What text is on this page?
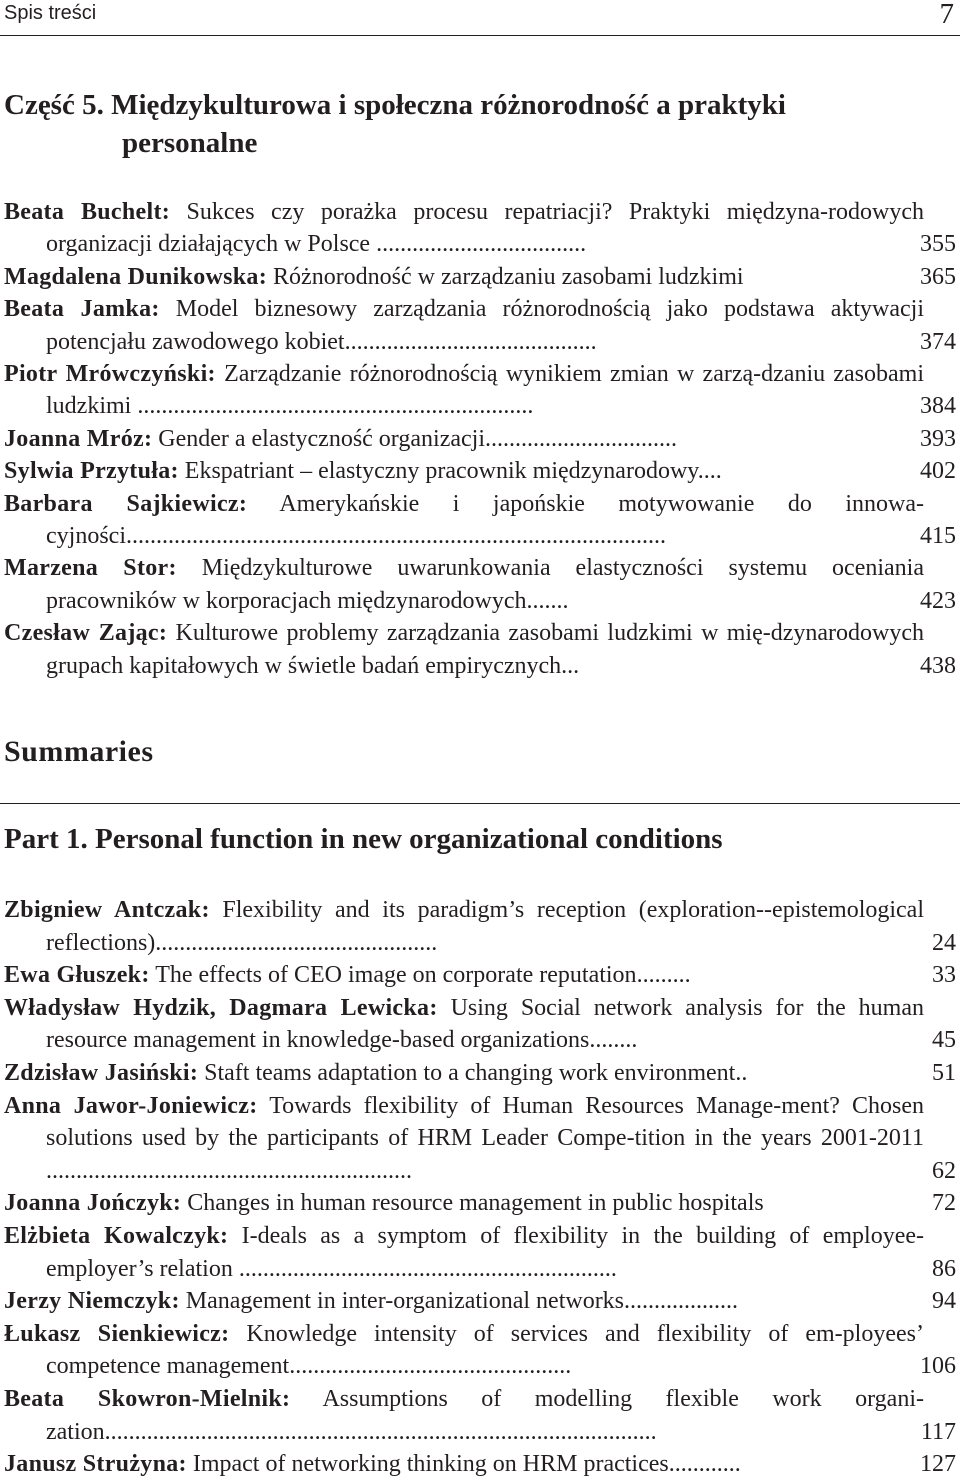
Spis treści	7
Część 5. Międzykulturowa i społeczna różnorodność a praktyki
personalne
Beata Buchelt: Sukces czy porażka procesu repatriacji? Praktyki międzyna-rodowych organizacji działających w Polsce ...................................	355
Magdalena Dunikowska: Różnorodność w zarządzaniu zasobami ludzkimi	365
Beata Jamka: Model biznesowy zarządzania różnorodnością jako podstawa aktywacji potencjału zawodowego kobiet..........................................	374
Piotr Mrówczyński: Zarządzanie różnorodnością wynikiem zmian w zarzą-dzaniu zasobami ludzkimi ..................................................................	384
Joanna Mróz: Gender a elastyczność organizacji................................	393
Sylwia Przytuła: Ekspatriant – elastyczny pracownik międzynarodowy....	402
Barbara Sajkiewicz: Amerykańskie i japońskie motywowanie do innowa-cyjności..........................................................................................	415
Marzena Stor: Międzykulturowe uwarunkowania elastyczności systemu oceniania pracowników w korporacjach międzynarodowych.......	423
Czesław Zając: Kulturowe problemy zarządzania zasobami ludzkimi w mię-dzynarodowych grupach kapitałowych w świetle badań empirycznych...	438
Summaries
Part 1. Personal function in new organizational conditions
Zbigniew Antczak: Flexibility and its paradigm’s reception (exploration--epistemological reflections)...............................................	24
Ewa Głuszek: The effects of CEO image on corporate reputation.........	33
Władysław Hydzik, Dagmara Lewicka: Using Social network analysis for the human resource management in knowledge-based organizations........	45
Zdzisław Jasiński: Staft teams adaptation to a changing work environment..	51
Anna Jawor-Joniewicz: Towards flexibility of Human Resources Manage-ment? Chosen solutions used by the participants of HRM Leader Compe-tition in the years 2001-2011 .............................................................	62
Joanna Jończyk: Changes in human resource management in public hospitals	72
Elżbieta Kowalczyk: I-deals as a symptom of flexibility in the building of employee-employer’s relation ...............................................................	86
Jerzy Niemczyk: Management in inter-organizational networks...................	94
Łukasz Sienkiewicz: Knowledge intensity of services and flexibility of em-ployees’ competence management...............................................	106
Beata Skowron-Mielnik: Assumptions of modelling flexible work organi-zation............................................................................................	117
Janusz Strużyna: Impact of networking thinking on HRM practices............	127
